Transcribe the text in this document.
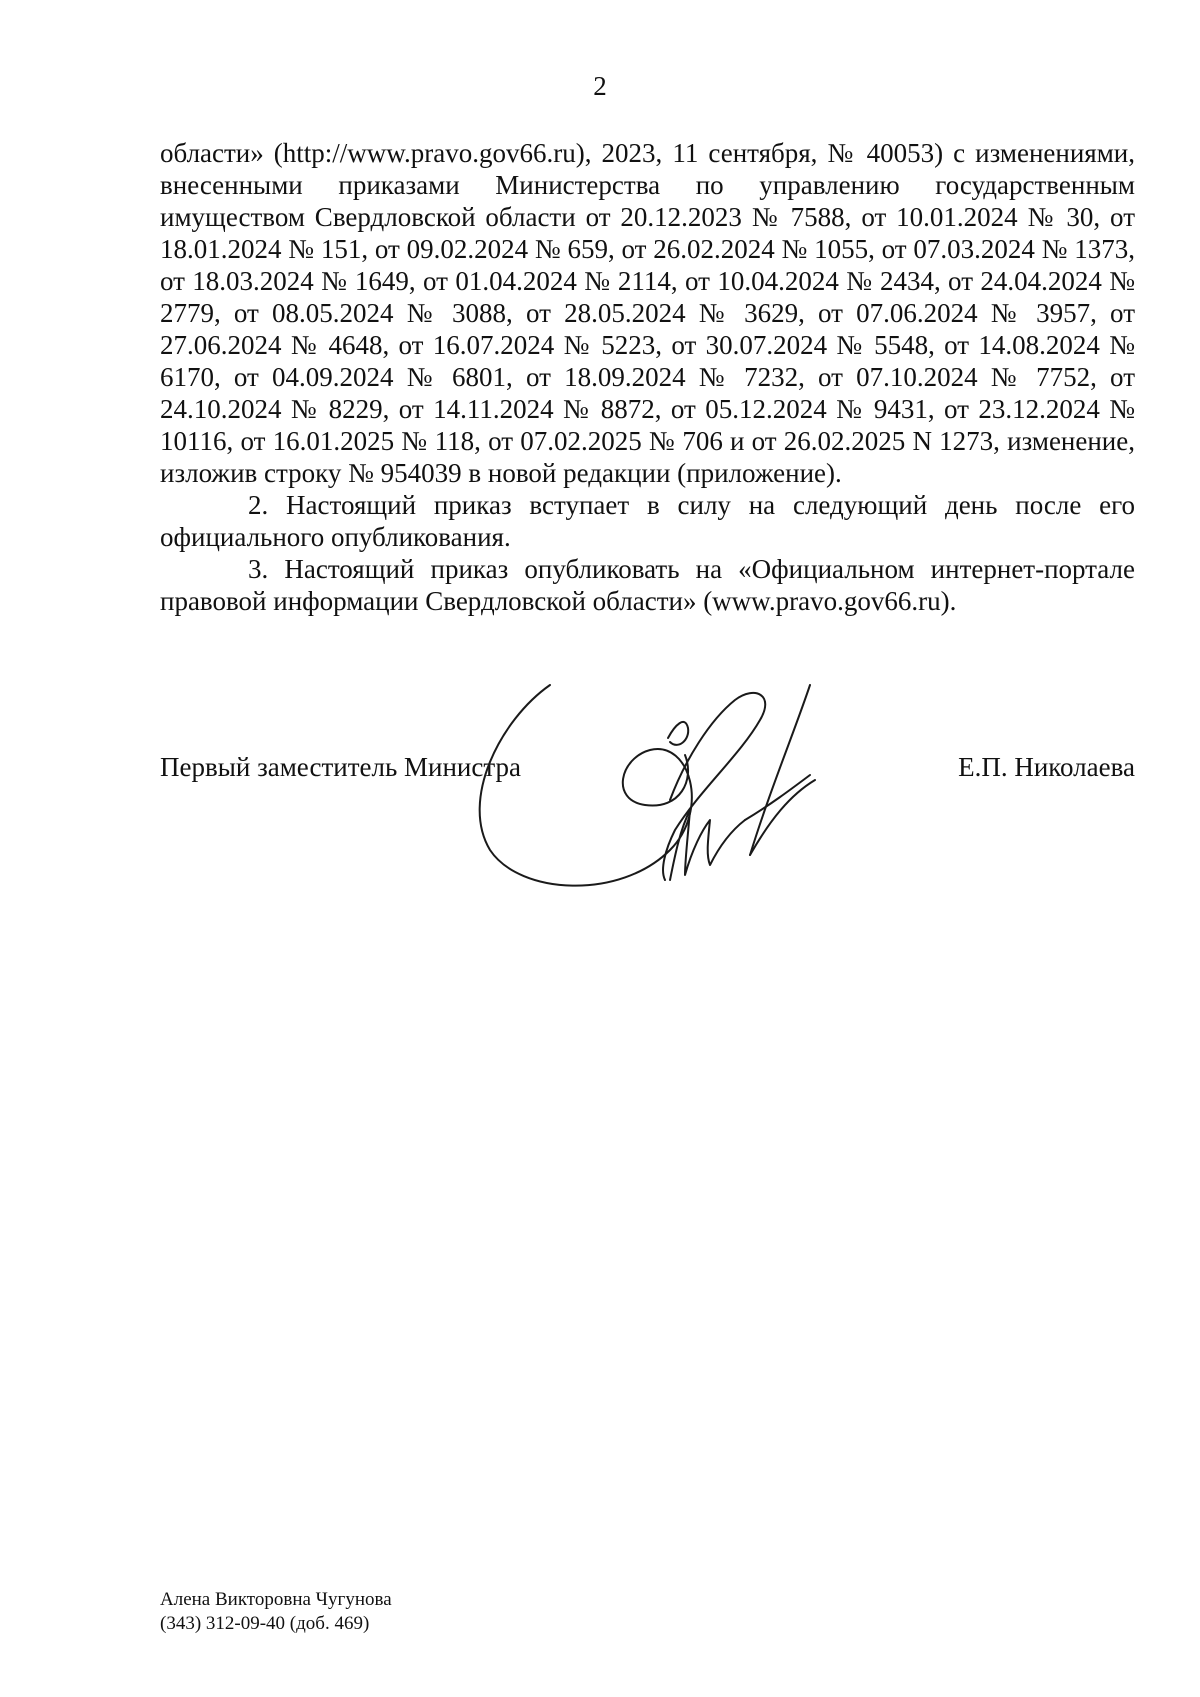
2

области» (http://www.pravo.gov66.ru), 2023, 11 сентября, № 40053) с изменениями, внесенными приказами Министерства по управлению государственным имуществом Свердловской области от 20.12.2023 № 7588, от 10.01.2024 № 30, от 18.01.2024 № 151, от 09.02.2024 № 659, от 26.02.2024 № 1055, от 07.03.2024 № 1373, от 18.03.2024 № 1649, от 01.04.2024 № 2114, от 10.04.2024 № 2434, от 24.04.2024 № 2779, от 08.05.2024 № 3088, от 28.05.2024 № 3629, от 07.06.2024 № 3957, от 27.06.2024 № 4648, от 16.07.2024 № 5223, от 30.07.2024 № 5548, от 14.08.2024 № 6170, от 04.09.2024 № 6801, от 18.09.2024 № 7232, от 07.10.2024 № 7752, от 24.10.2024 № 8229, от 14.11.2024 № 8872, от 05.12.2024 № 9431, от 23.12.2024 № 10116, от 16.01.2025 № 118, от 07.02.2025 № 706 и от 26.02.2025 N 1273, изменение, изложив строку № 954039 в новой редакции (приложение).

2. Настоящий приказ вступает в силу на следующий день после его официального опубликования.

3. Настоящий приказ опубликовать на «Официальном интернет-портале правовой информации Свердловской области» (www.pravo.gov66.ru).

Первый заместитель Министра	Е.П. Николаева
Алена Викторовна Чугунова
(343) 312-09-40 (доб. 469)
